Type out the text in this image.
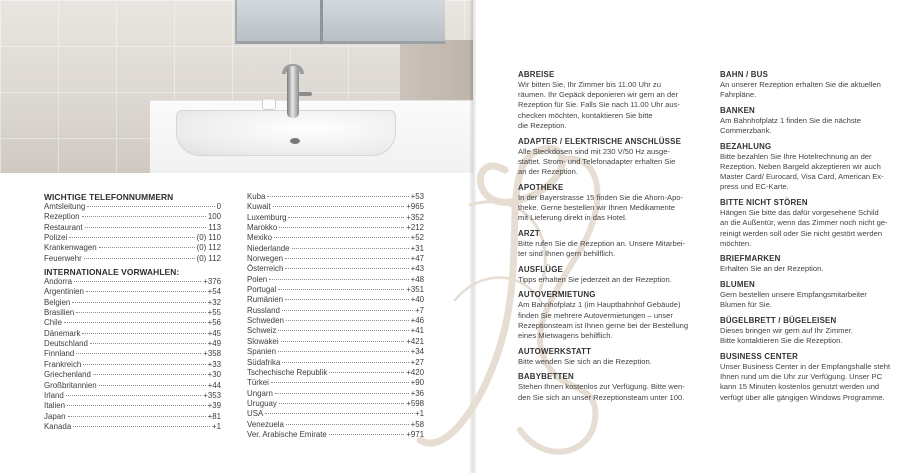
WICHTIGE TELEFONNUMMERN
Amtsleitung	0
Rezeption	100
Restaurant	113
Polizei	(0) 110
Krankenwagen	(0) 112
Feuerwehr	(0) 112
INTERNATIONALE VORWAHLEN:
Andorra	+376
Argentinien	+54
Belgien	+32
Brasilien	+55
Chile	+56
Dänemark	+45
Deutschland	+49
Finnland	+358
Frankreich	+33
Griechenland	+30
Großbritannien	+44
Irland	+353
Italien	+39
Japan	+81
Kanada	+1
Kuba	+53
Kuwait	+965
Luxemburg	+352
Marokko	+212
Mexiko	+52
Niederlande	+31
Norwegen	+47
Österreich	+43
Polen	+48
Portugal	+351
Rumänien	+40
Russland	+7
Schweden	+46
Schweiz	+41
Slowakei	+421
Spanien	+34
Südafrika	+27
Tschechische Republik	+420
Türkei	+90
Ungarn	+36
Uruguay	+598
USA	+1
Venezuela	+58
Ver. Arabische Emirate	+971
ABREISE

Wir bitten Sie, Ihr Zimmer bis 11.00 Uhr zu
räumen. Ihr Gepäck deponieren wir gern an der
Rezeption für Sie. Falls Sie nach 11.00 Uhr aus-
checken möchten, kontaktieren Sie bitte
die Rezeption.

ADAPTER / ELEKTRISCHE ANSCHLÜSSE

Alle Steckdosen sind mit 230 V/50 Hz ausge-
stattet. Strom- und Telefonadapter erhalten Sie
an der Rezeption.

APOTHEKE

In der Bayerstrasse 15 finden Sie die Ahorn-Apo-
theke. Gerne bestellen wir Ihnen Medikamente
mit Lieferung direkt in das Hotel.

ARZT

Bitte rufen Sie die Rezeption an. Unsere Mitarbei-
ter sind Ihnen gern behilflich.

AUSFLÜGE

Tipps erhalten Sie jederzeit an der Rezeption.

AUTOVERMIETUNG

Am Bahnhofplatz 1 (im Hauptbahnhof Gebäude)
finden Sie mehrere Autovermietungen – unser
Rezeptionsteam ist Ihnen gerne bei der Bestellung
eines Mietwagens behilflich.

AUTOWERKSTATT

Bitte wenden Sie sich an die Rezeption.

BABYBETTEN

Stehen Ihnen kostenlos zur Verfügung. Bitte wen-
den Sie sich an unser Rezeptionsteam unter 100.

BAHN / BUS

An unserer Rezeption erhalten Sie die aktuellen
Fahrpläne.

BANKEN

Am Bahnhofplatz 1 finden Sie die nächste
Commerzbank.

BEZAHLUNG

Bitte bezahlen Sie Ihre Hotelrechnung an der
Rezeption. Neben Bargeld akzeptieren wir auch
Master Card/ Eurocard, Visa Card, American Ex-
press und EC-Karte.

BITTE NICHT STÖREN

Hängen Sie bitte das dafür vorgesehene Schild
an die Außentür, wenn das Zimmer noch nicht ge-
reinigt werden soll oder Sie nicht gestört werden
möchten.

BRIEFMARKEN

Erhalten Sie an der Rezeption.

BLUMEN

Gern bestellen unsere Empfangsmitarbeiter
Blumen für Sie.

BÜGELBRETT / BÜGELEISEN

Dieses bringen wir gern auf Ihr Zimmer.
Bitte kontaktieren Sie die Rezeption.

BUSINESS CENTER

Unser Business Center in der Empfangshalle steht
Ihnen rund um die Uhr zur Verfügung. Unser PC
kann 15 Minuten kostenlos genutzt werden und
verfügt über alle gängigen Windows Programme.
